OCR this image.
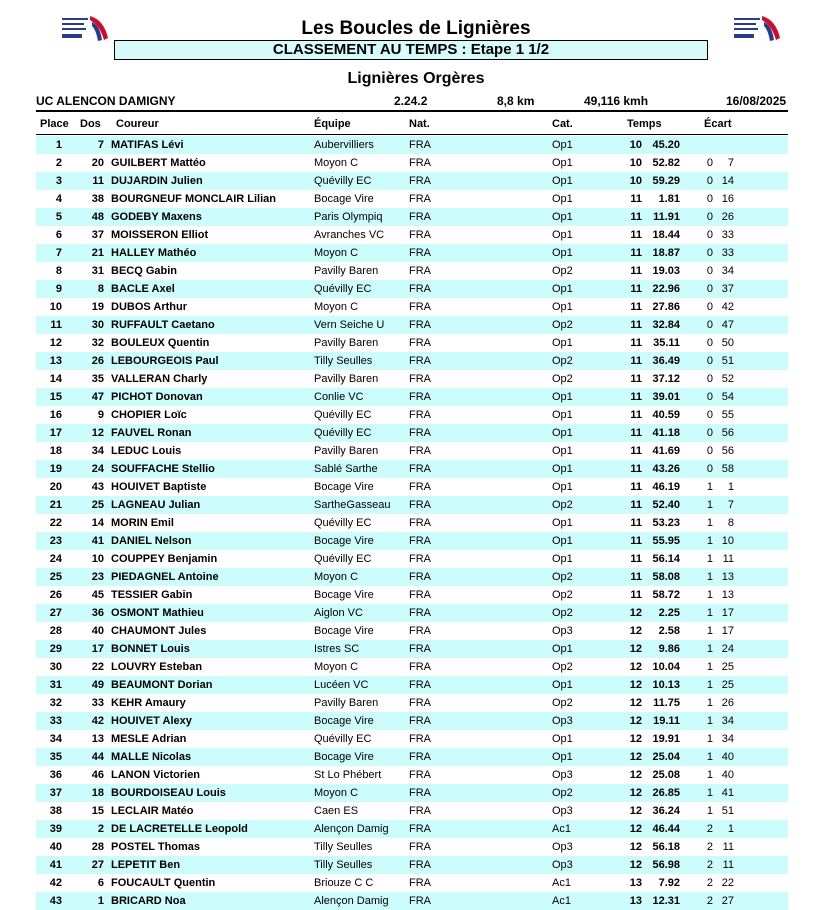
Les Boucles de Lignières
CLASSEMENT AU TEMPS : Etape 1 1/2
Lignières Orgères
UC ALENCON DAMIGNY	2.24.2	8,8 km	49,116 kmh	16/08/2025
Place Dos Coureur	Équipe	Nat.	Cat.	Temps	Écart
1	7 MATIFAS Lévi	Aubervilliers	FRA	Op1	10 45.20
2	20 GUILBERT Mattéo	Moyon C	FRA	Op1	10 52.82	0	7
3	11 DUJARDIN Julien	Quévilly EC	FRA	Op1	10 59.29	0 14
4	38 BOURGNEUF MONCLAIR Lilian	Bocage Vire	FRA	Op1	11	1.81	0 16
5	48 GODEBY Maxens	Paris Olympiq FRA	Op1	11	11.91	0 26
6	37 MOISSERON Elliot	Avranches VC FRA	Op1	11 18.44	0 33
7	21 HALLEY Mathéo	Moyon C	FRA	Op1	11 18.87	0 33
8	31 BECQ Gabin	Pavilly Baren	FRA	Op2	11 19.03	0 34
9	8 BACLE Axel	Quévilly EC	FRA	Op1	11 22.96	0 37
10	19 DUBOS Arthur	Moyon C	FRA	Op1	11 27.86	0 42
11	30 RUFFAULT Caetano	Vern Seiche U FRA	Op2	11 32.84	0 47
12	32 BOULEUX Quentin	Pavilly Baren	FRA	Op1	11	35.11	0 50
13	26 LEBOURGEOIS Paul	Tilly Seulles	FRA	Op2	11 36.49	0 51
14	35 VALLERAN Charly	Pavilly Baren	FRA	Op2	11 37.12	0 52
15	47 PICHOT Donovan	Conlie VC	FRA	Op1	11 39.01	0 54
16	9 CHOPIER Loïc	Quévilly EC	FRA	Op1	11 40.59	0 55
17	12 FAUVEL Ronan	Quévilly EC	FRA	Op1	11 41.18	0 56
18	34 LEDUC Louis	Pavilly Baren	FRA	Op1	11 41.69	0 56
19	24 SOUFFACHE Stellio	Sablé Sarthe	FRA	Op1	11 43.26	0 58
20	43 HOUIVET Baptiste	Bocage Vire	FRA	Op1	11 46.19	1	1
21	25 LAGNEAU Julian	SartheGasseau FRA	Op2	11 52.40	1	7
22	14 MORIN Emil	Quévilly EC	FRA	Op1	11 53.23	1	8
23	41 DANIEL Nelson	Bocage Vire	FRA	Op1	11 55.95	1 10
24	10 COUPPEY Benjamin	Quévilly EC	FRA	Op1	11 56.14	1 11
25	23 PIEDAGNEL Antoine	Moyon C	FRA	Op2	11 58.08	1 13
26	45 TESSIER Gabin	Bocage Vire	FRA	Op2	11 58.72	1 13
27	36 OSMONT Mathieu	Aiglon VC	FRA	Op2	12	2.25	1 17
28	40 CHAUMONT Jules	Bocage Vire	FRA	Op3	12	2.58	1 17
29	17 BONNET Louis	Istres SC	FRA	Op1	12	9.86	1 24
30	22 LOUVRY Esteban	Moyon C	FRA	Op2	12 10.04	1 25
31	49 BEAUMONT Dorian	Lucéen VC	FRA	Op1	12 10.13	1 25
32	33 KEHR Amaury	Pavilly Baren	FRA	Op2	12	11.75	1 26
33	42 HOUIVET Alexy	Bocage Vire	FRA	Op3	12	19.11	1 34
34	13 MESLE Adrian	Quévilly EC	FRA	Op1	12 19.91	1 34
35	44 MALLE Nicolas	Bocage Vire	FRA	Op1	12 25.04	1 40
36	46 LANON Victorien	St Lo Phébert	FRA	Op3	12 25.08	1 40
37	18 BOURDOISEAU Louis	Moyon C	FRA	Op2	12 26.85	1 41
38	15 LECLAIR Matéo	Caen ES	FRA	Op3	12 36.24	1 51
39	2 DE LACRETELLE Leopold	Alençon Damig FRA	Ac1	12 46.44	2	1
40	28 POSTEL Thomas	Tilly Seulles	FRA	Op3	12 56.18	2 11
41	27 LEPETIT Ben	Tilly Seulles	FRA	Op3	12 56.98	2 11
42	6 FOUCAULT Quentin	Briouze C C	FRA	Ac1	13	7.92	2 22
43	1 BRICARD Noa	Alençon Damig FRA	Ac1	13 12.31	2 27
